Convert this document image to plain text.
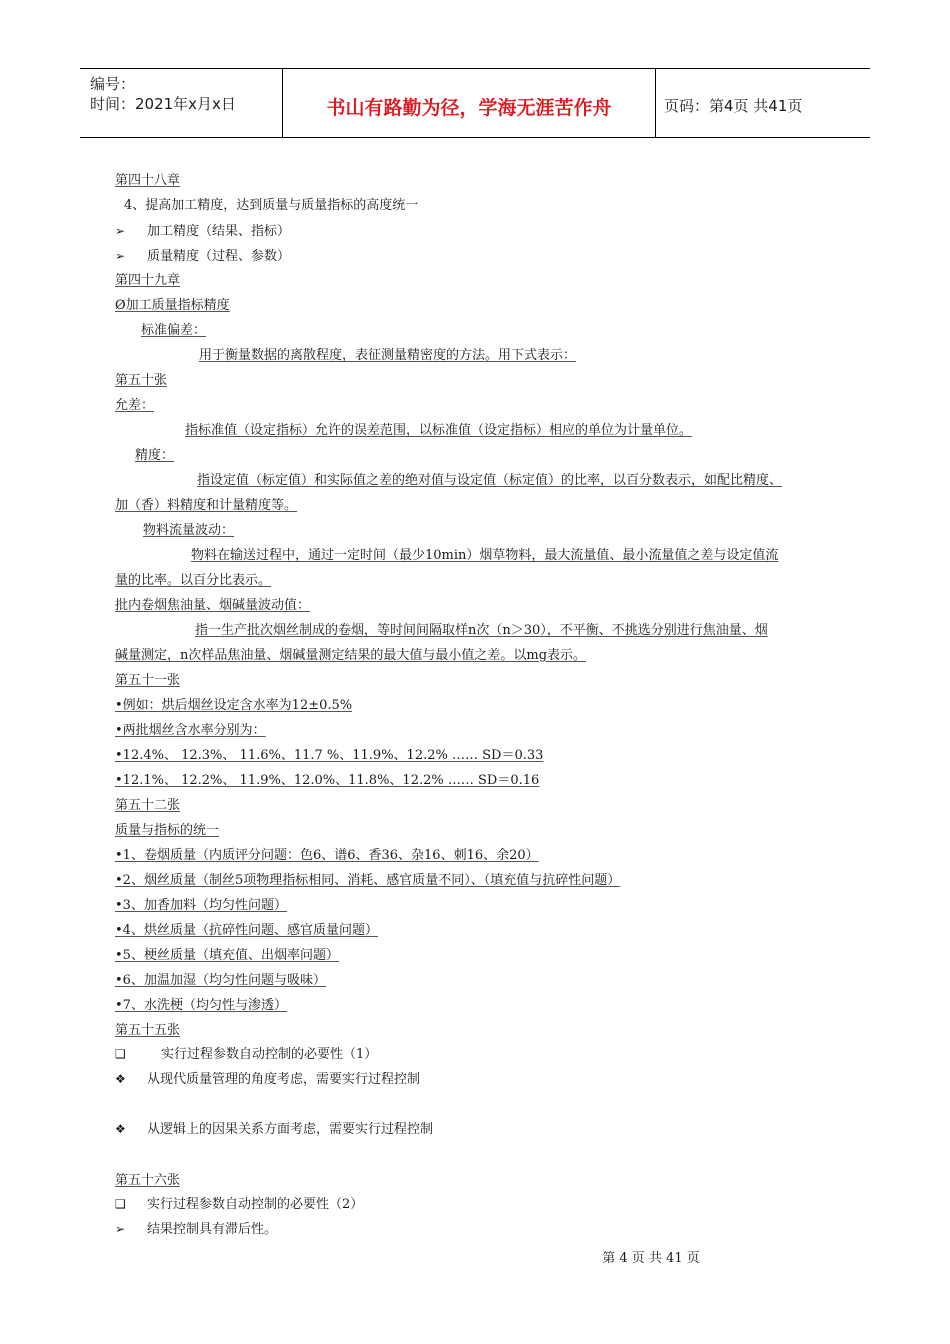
编号：
时间：2021年x月x日	书山有路勤为径，学海无涯苦作舟	页码：第4页 共41页
第四十八章
4、提高加工精度，达到质量与质量指标的高度统一
➢ 加工精度（结果、指标）
➢ 质量精度（过程、参数）
第四十九章
Ø加工质量指标精度
标准偏差：
用于衡量数据的离散程度，表征测量精密度的方法。用下式表示：
第五十张
允差：
指标准值（设定指标）允许的误差范围，以标准值（设定指标）相应的单位为计量单位。
精度：
指设定值（标定值）和实际值之差的绝对值与设定值（标定值）的比率，以百分数表示，如配比精度、
加（香）料精度和计量精度等。
物料流量波动：
物料在输送过程中，通过一定时间（最少10min）烟草物料，最大流量值、最小流量值之差与设定值流
量的比率。以百分比表示。
批内卷烟焦油量、烟碱量波动值：
指一生产批次烟丝制成的卷烟，等时间间隔取样n次（n＞30），不平衡、不挑选分别进行焦油量、烟
碱量测定，n次样品焦油量、烟碱量测定结果的最大值与最小值之差。以mg表示。
第五十一张
•例如：烘后烟丝设定含水率为12±0.5%
•两批烟丝含水率分别为：
•12.4%、 12.3%、 11.6%、11.7 %、11.9%、12.2% …… SD＝0.33
•12.1%、 12.2%、 11.9%、12.0%、11.8%、12.2% …… SD＝0.16
第五十二张
质量与指标的统一
•1、卷烟质量（内质评分问题：色6、谱6、香36、杂16、刺16、余20）
•2、烟丝质量（制丝5项物理指标相同、消耗、感官质量不同）、（填充值与抗碎性问题）
•3、加香加料（均匀性问题）
•4、烘丝质量（抗碎性问题、感官质量问题）
•5、梗丝质量（填充值、出烟率问题）
•6、加温加湿（均匀性问题与吸味）
•7、水洗梗（均匀性与渗透）
第五十五张
❑	实行过程参数自动控制的必要性（1）
❖ 从现代质量管理的角度考虑，需要实行过程控制
❖ 从逻辑上的因果关系方面考虑，需要实行过程控制
第五十六张
❑ 实行过程参数自动控制的必要性（2）
➢ 结果控制具有滞后性。
第 4 页 共 41 页
